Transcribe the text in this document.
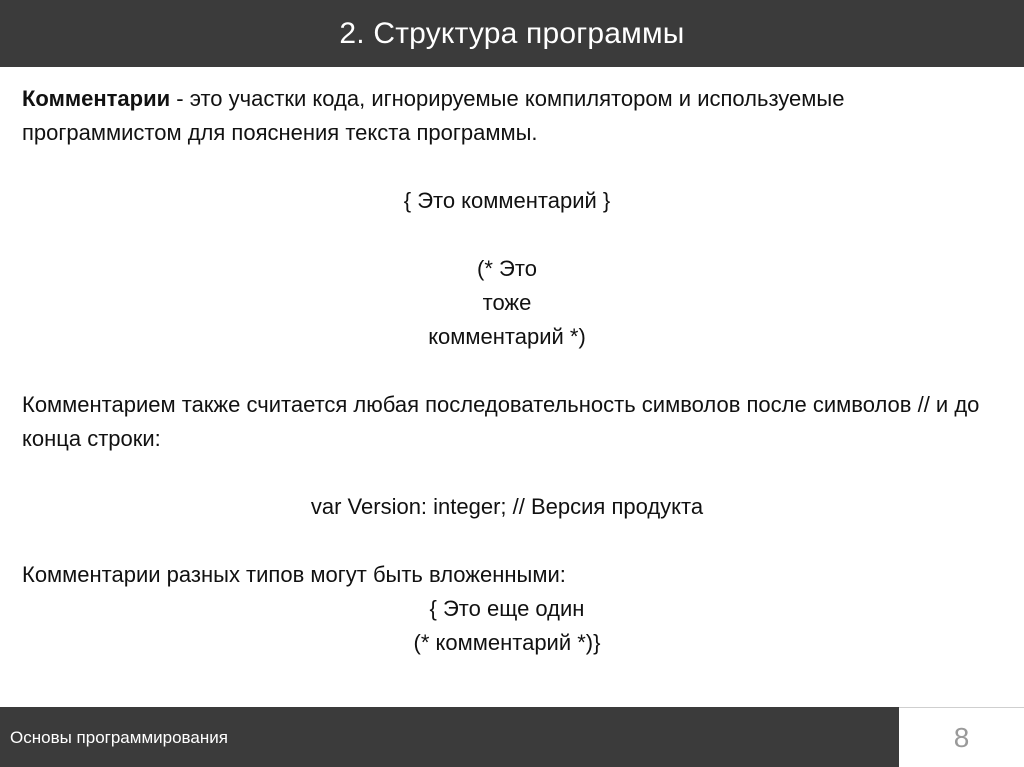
2. Структура программы

Комментарии - это участки кода, игнорируемые компилятором и используемые программистом для пояснения текста программы.

{ Это комментарий }

(* Это

тоже

комментарий *)

Комментарием также считается любая последовательность символов после символов // и до конца строки:

var Version: integer; // Версия продукта

Комментарии разных типов могут быть вложенными:

{ Это еще один

(* комментарий *)}

Основы программирования	8
